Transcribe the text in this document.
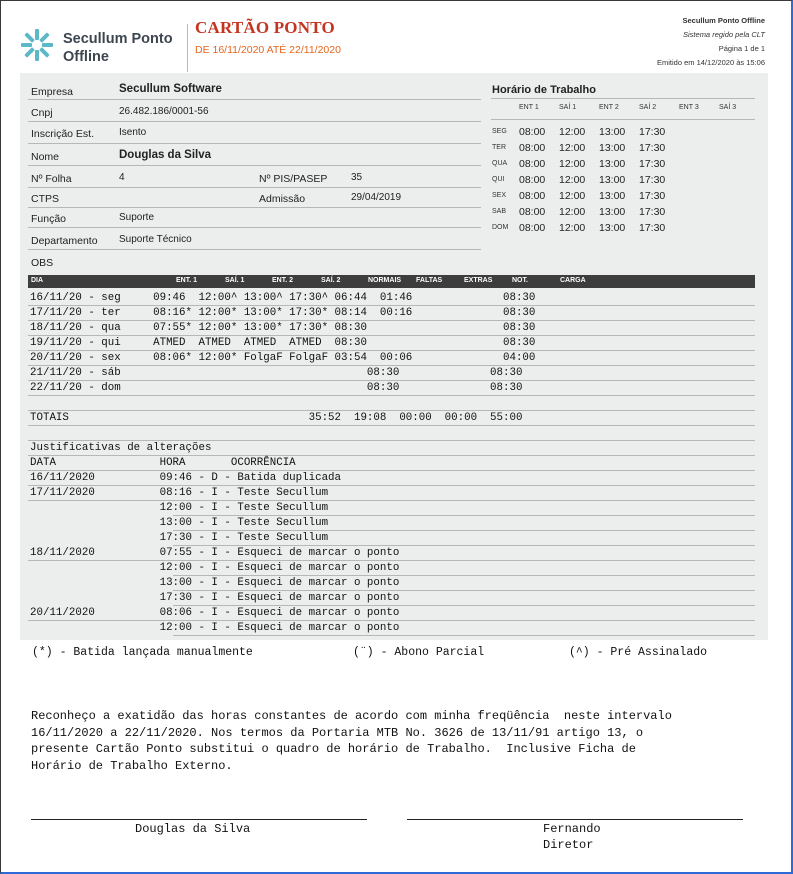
Secullum Ponto
Offline
CARTÃO PONTO
DE 16/11/2020 ATÉ 22/11/2020
Secullum Ponto Offline
Sistema regido pela CLT
Página 1 de 1
Emitido em 14/12/2020 às 15:06
Empresa	Secullum Software
Cnpj	26.482.186/0001-56
Inscrição Est. Isento
Nome	Douglas da Silva
Nº Folha	4	Nº PIS/PASEP 35
CTPS	Admissão	29/04/2019
Função	Suporte
Departamento Suporte Técnico
OBS
Horário de Trabalho
ENT 1	SAÍ 1	ENT 2	SAÍ 2	ENT 3	SAÍ 3
SEG 08:00 12:00 13:00 17:30
TER 08:00 12:00 13:00 17:30
QUA 08:00 12:00 13:00 17:30
QUI 08:00 12:00 13:00 17:30
SEX 08:00 12:00 13:00 17:30
SAB 08:00 12:00 13:00 17:30
DOM 08:00 12:00 13:00 17:30
DIA	ENT. 1	SAÍ. 1	ENT. 2	SAÍ. 2	NORMAIS FALTAS	EXTRAS	NOT.	CARGA
16/11/20 - seg     09:46  12:00^ 13:00^ 17:30^ 06:44  01:46              08:30
17/11/20 - ter     08:16* 12:00* 13:00* 17:30* 08:14  00:16              08:30
18/11/20 - qua     07:55* 12:00* 13:00* 17:30* 08:30                     08:30
19/11/20 - qui     ATMED  ATMED  ATMED  ATMED  08:30                     08:30
20/11/20 - sex     08:06* 12:00* FolgaF FolgaF 03:54  00:06              04:00
21/11/20 - sáb                                      08:30              08:30
22/11/20 - dom                                      08:30              08:30
TOTAIS                                     35:52  19:08  00:00  00:00  55:00
Justificativas de alterações
DATA                HORA       OCORRÊNCIA
16/11/2020          09:46 - D - Batida duplicada
17/11/2020          08:16 - I - Teste Secullum
12:00 - I - Teste Secullum
13:00 - I - Teste Secullum
17:30 - I - Teste Secullum
18/11/2020          07:55 - I - Esqueci de marcar o ponto
12:00 - I - Esqueci de marcar o ponto
13:00 - I - Esqueci de marcar o ponto
17:30 - I - Esqueci de marcar o ponto
20/11/2020          08:06 - I - Esqueci de marcar o ponto
12:00 - I - Esqueci de marcar o ponto
(*) - Batida lançada manualmente	(¨) - Abono Parcial	(^) - Pré Assinalado
Reconheço a exatidão das horas constantes de acordo com minha freqüência  neste intervalo
16/11/2020 a 22/11/2020. Nos termos da Portaria MTB No. 3626 de 13/11/91 artigo 13, o
presente Cartão Ponto substitui o quadro de horário de Trabalho.  Inclusive Ficha de
Horário de Trabalho Externo.
Douglas da Silva	Fernando
Diretor
